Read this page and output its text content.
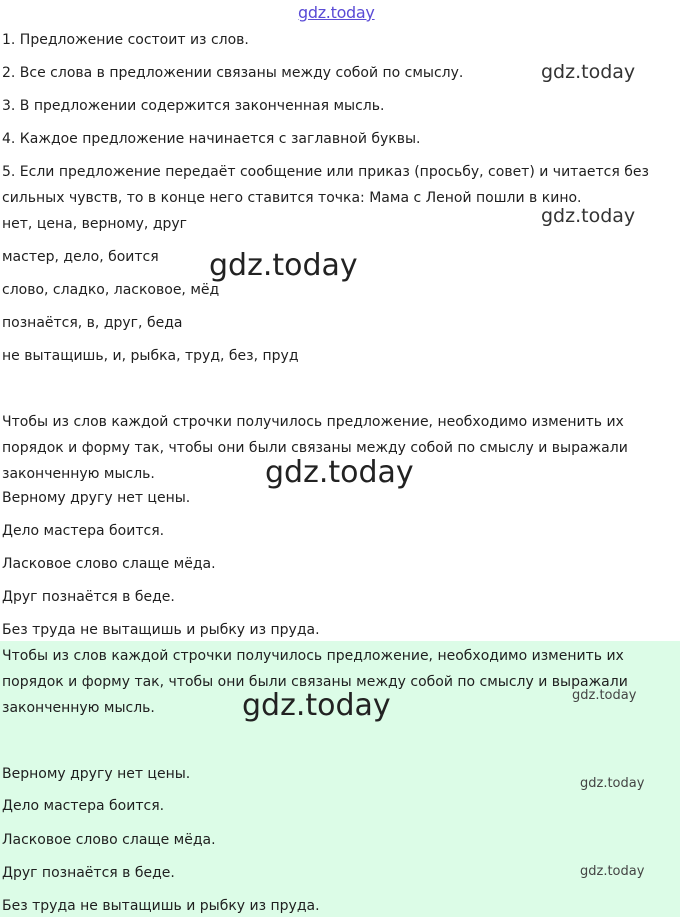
gdz.today
gdz.today
gdz.today
gdz.today
gdz.today
gdz.today	gdz.today
gdz.today
gdz.today
1. Предложение состоит из слов.
2. Все слова в предложении связаны между собой по смыслу.
3. В предложении содержится законченная мысль.
4. Каждое предложение начинается с заглавной буквы.
5. Если предложение передаёт сообщение или приказ (просьбу, совет) и читается без сильных чувств, то в конце него ставится точка: Мама с Леной пошли в кино.
нет, цена, верному, друг
мастер, дело, боится
слово, сладко, ласковое, мёд
познаётся, в, друг, беда
не вытащишь, и, рыбка, труд, без, пруд
Чтобы из слов каждой строчки получилось предложение, необходимо изменить их порядок и форму так, чтобы они были связаны между собой по смыслу и выражали законченную мысль.
Верному другу нет цены.
Дело мастера боится.
Ласковое слово слаще мёда.
Друг познаётся в беде.
Без труда не вытащишь и рыбку из пруда.
Чтобы из слов каждой строчки получилось предложение, необходимо изменить их порядок и форму так, чтобы они были связаны между собой по смыслу и выражали законченную мысль.
Верному другу нет цены.
Дело мастера боится.
Ласковое слово слаще мёда.
Друг познаётся в беде.
Без труда не вытащишь и рыбку из пруда.
